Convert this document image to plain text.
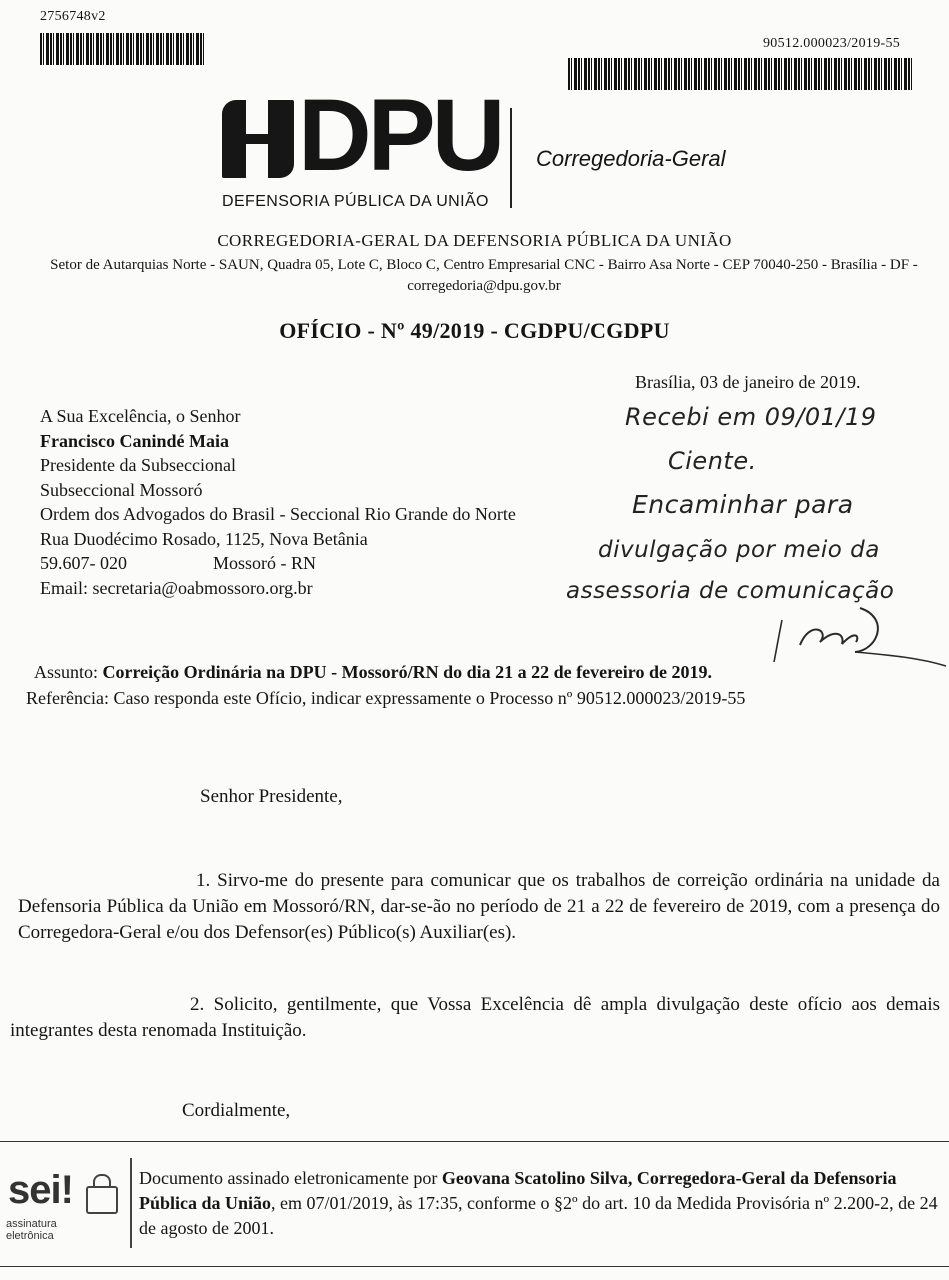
2756748v2
90512.000023/2019-55
DPU
DEFENSORIA PÚBLICA DA UNIÃO
Corregedoria-Geral
CORREGEDORIA-GERAL DA DEFENSORIA PÚBLICA DA UNIÃO
Setor de Autarquias Norte - SAUN, Quadra 05, Lote C, Bloco C, Centro Empresarial CNC - Bairro Asa Norte - CEP 70040-250 - Brasília - DF - corregedoria@dpu.gov.br
OFÍCIO - Nº 49/2019 - CGDPU/CGDPU
Brasília, 03 de janeiro de 2019.
A Sua Excelência, o Senhor
Francisco Canindé Maia
Presidente da Subseccional
Subseccional Mossoró
Ordem dos Advogados do Brasil - Seccional Rio Grande do Norte
Rua Duodécimo Rosado, 1125, Nova Betânia
59.607- 020	Mossoró - RN
Email: secretaria@oabmossoro.org.br
Recebi em 09/01/19
Ciente.
Encaminhar para
divulgação por meio da
assessoria de comunicação
Assunto: Correição Ordinária na DPU - Mossoró/RN do dia 21 a 22 de fevereiro de 2019.
Referência: Caso responda este Ofício, indicar expressamente o Processo nº 90512.000023/2019-55
Senhor Presidente,
1. Sirvo-me do presente para comunicar que os trabalhos de correição ordinária na unidade da Defensoria Pública da União em Mossoró/RN, dar-se-ão no período de 21 a 22 de fevereiro de 2019, com a presença do Corregedora-Geral e/ou dos Defensor(es) Público(s) Auxiliar(es).
2. Solicito, gentilmente, que Vossa Excelência dê ampla divulgação deste ofício aos demais integrantes desta renomada Instituição.
Cordialmente,
sei!
assinatura
eletrônica
Documento assinado eletronicamente por Geovana Scatolino Silva, Corregedora-Geral da Defensoria Pública da União, em 07/01/2019, às 17:35, conforme o §2º do art. 10 da Medida Provisória nº 2.200-2, de 24 de agosto de 2001.
